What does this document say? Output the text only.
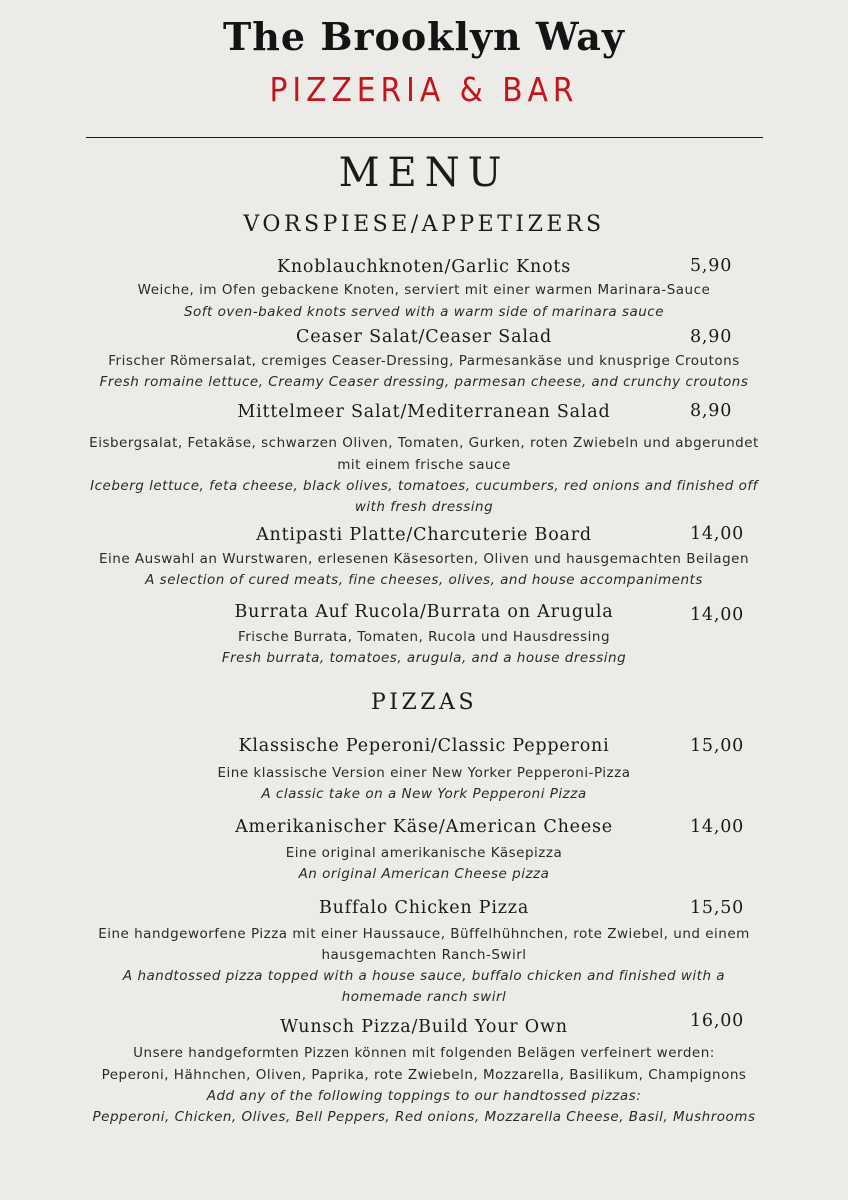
The Brooklyn Way
PIZZERIA & BAR
MENU
VORSPIESE/APPETIZERS
Knoblauchknoten/Garlic Knots	5,90
Weiche, im Ofen gebackene Knoten, serviert mit einer warmen Marinara-Sauce
Soft oven-baked knots served with a warm side of marinara sauce
Ceaser Salat/Ceaser Salad	8,90
Frischer Römersalat, cremiges Ceaser-Dressing, Parmesankäse und knusprige Croutons
Fresh romaine lettuce, Creamy Ceaser dressing, parmesan cheese, and crunchy croutons
Mittelmeer Salat/Mediterranean Salad	8,90
Eisbergsalat, Fetakäse, schwarzen Oliven, Tomaten, Gurken, roten Zwiebeln und abgerundet
mit einem frische sauce
Iceberg lettuce, feta cheese, black olives, tomatoes, cucumbers, red onions and finished off
with fresh dressing
Antipasti Platte/Charcuterie Board	14,00
Eine Auswahl an Wurstwaren, erlesenen Käsesorten, Oliven und hausgemachten Beilagen
A selection of cured meats, fine cheeses, olives, and house accompaniments
Burrata Auf Rucola/Burrata on Arugula	14,00
Frische Burrata, Tomaten, Rucola und Hausdressing
Fresh burrata, tomatoes, arugula, and a house dressing
PIZZAS
Klassische Peperoni/Classic Pepperoni	15,00
Eine klassische Version einer New Yorker Pepperoni-Pizza
A classic take on a New York Pepperoni Pizza
Amerikanischer Käse/American Cheese	14,00
Eine original amerikanische Käsepizza
An original American Cheese pizza
Buffalo Chicken Pizza	15,50
Eine handgeworfene Pizza mit einer Haussauce, Büffelhühnchen, rote Zwiebel, und einem
hausgemachten Ranch-Swirl
A handtossed pizza topped with a house sauce, buffalo chicken and finished with a
homemade ranch swirl
Wunsch Pizza/Build Your Own	16,00
Unsere handgeformten Pizzen können mit folgenden Belägen verfeinert werden:
Peperoni, Hähnchen, Oliven, Paprika, rote Zwiebeln, Mozzarella, Basilikum, Champignons
Add any of the following toppings to our handtossed pizzas:
Pepperoni, Chicken, Olives, Bell Peppers, Red onions, Mozzarella Cheese, Basil, Mushrooms
